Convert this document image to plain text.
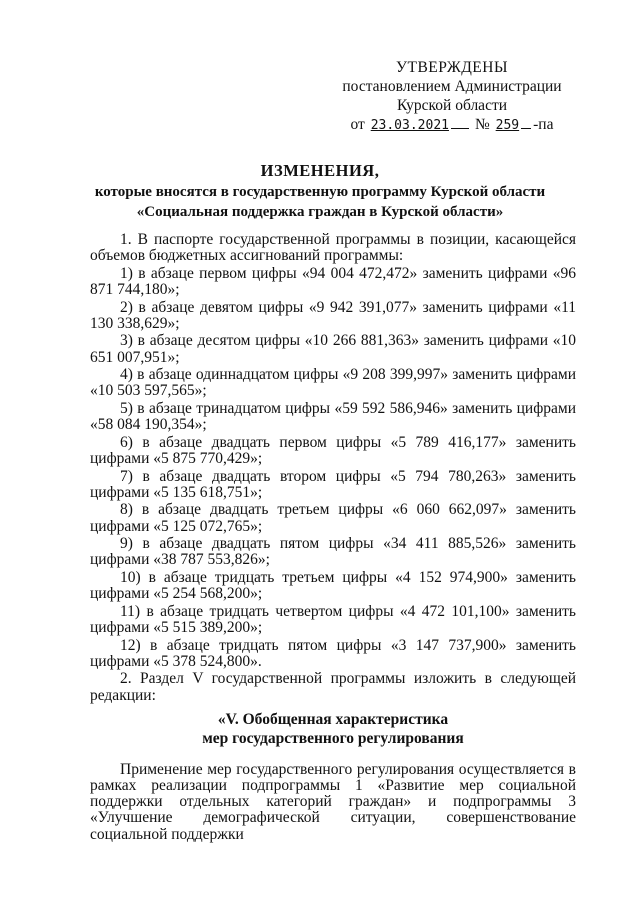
УТВЕРЖДЕНЫ
постановлением Администрации
Курской области
от
23.03.2021 №
259 -па
ИЗМЕНЕНИЯ,
которые вносятся в государственную программу Курской области
«Социальная поддержка граждан в Курской области»

1. В паспорте государственной программы в позиции, касающейся объемов бюджетных ассигнований программы:

1) в абзаце первом цифры «94 004 472,472» заменить цифрами «96 871 744,180»;

2) в абзаце девятом цифры «9 942 391,077» заменить цифрами «11 130 338,629»;

3) в абзаце десятом цифры «10 266 881,363» заменить цифрами «10 651 007,951»;

4) в абзаце одиннадцатом цифры «9 208 399,997» заменить цифрами «10 503 597,565»;

5) в абзаце тринадцатом цифры «59 592 586,946» заменить цифрами «58 084 190,354»;

6) в абзаце двадцать первом цифры «5 789 416,177» заменить цифрами «5 875 770,429»;

7) в абзаце двадцать втором цифры «5 794 780,263» заменить цифрами «5 135 618,751»;

8) в абзаце двадцать третьем цифры «6 060 662,097» заменить цифрами «5 125 072,765»;

9) в абзаце двадцать пятом цифры «34 411 885,526» заменить цифрами «38 787 553,826»;

10) в абзаце тридцать третьем цифры «4 152 974,900» заменить цифрами «5 254 568,200»;

11) в абзаце тридцать четвертом цифры «4 472 101,100» заменить цифрами «5 515 389,200»;

12) в абзаце тридцать пятом цифры «3 147 737,900» заменить цифрами «5 378 524,800».

2. Раздел V государственной программы изложить в следующей редакции:

«V. Обобщенная характеристика
мер государственного регулирования

Применение мер государственного регулирования осуществляется в рамках реализации подпрограммы 1 «Развитие мер социальной поддержки отдельных категорий граждан» и подпрограммы 3 «Улучшение демографической ситуации, совершенствование социальной поддержки
